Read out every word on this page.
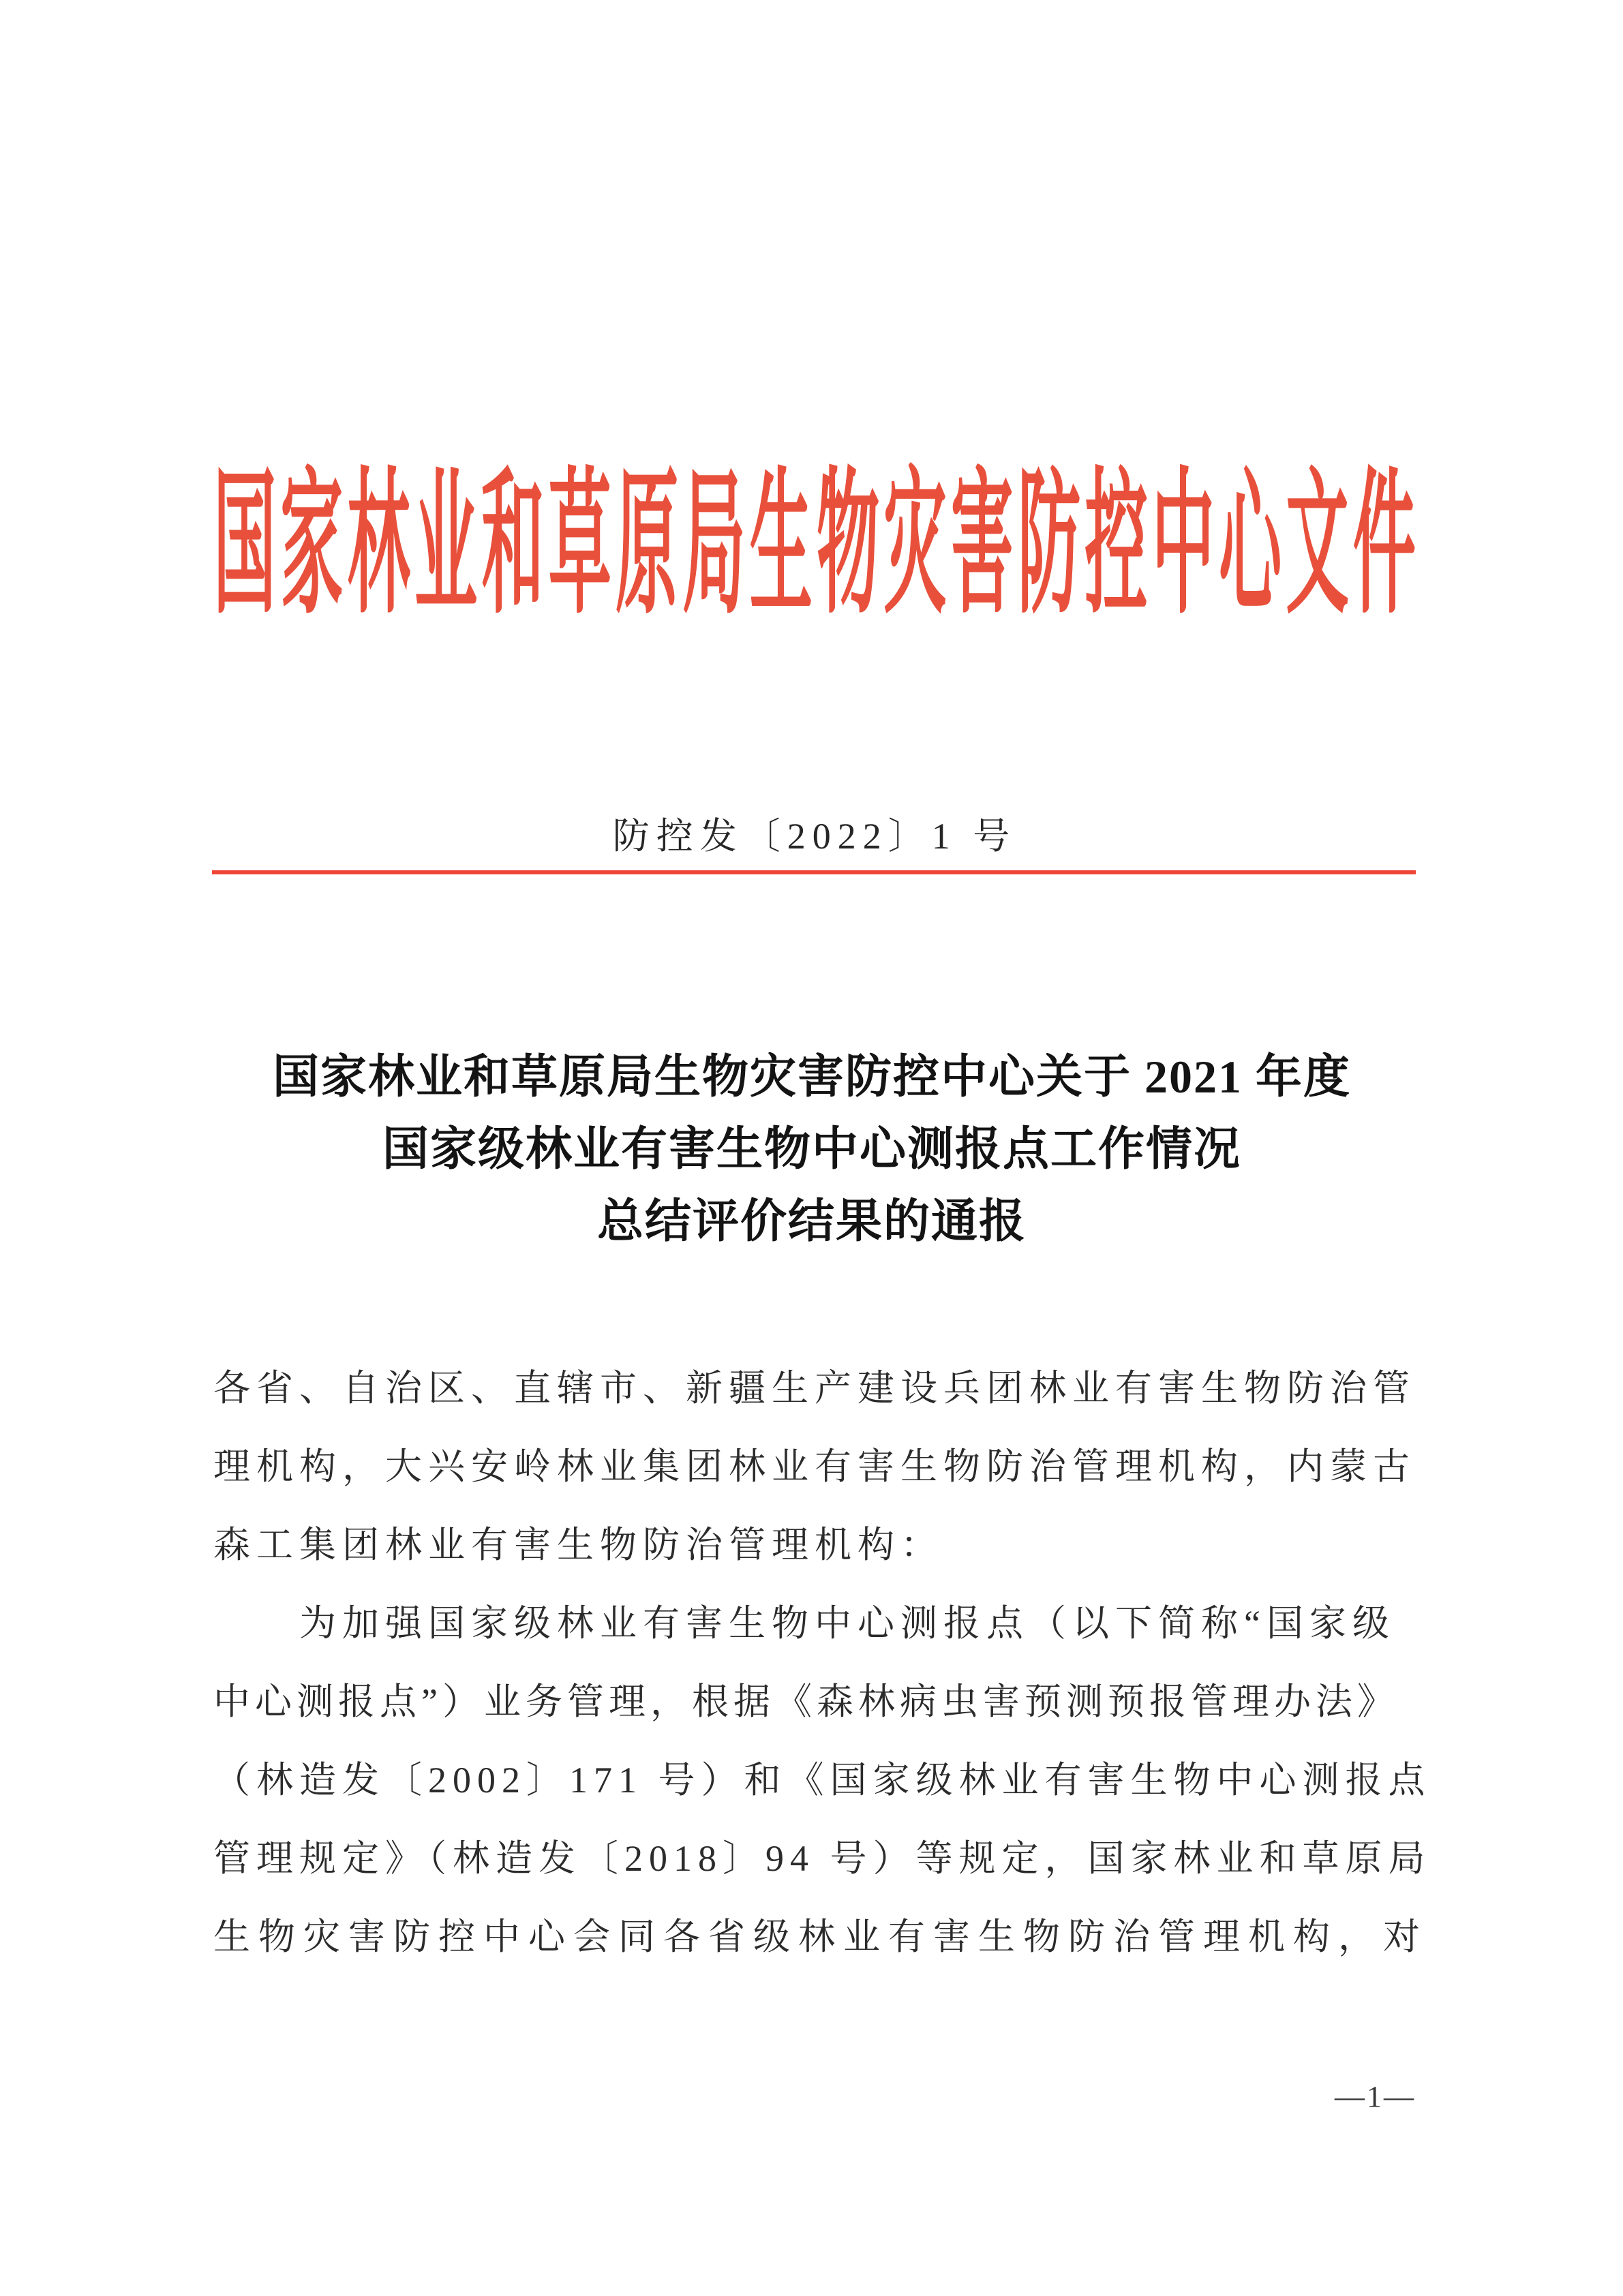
国 家 林 业 和 草 原 局 生 物 灾 害 防 控 中 心 文 件
防控发〔2022〕1 号
国家林业和草原局生物灾害防控中心关于 2021 年度
国家级林业有害生物中心测报点工作情况
总结评价结果的通报
各省、自治区、直辖市、新疆生产建设兵团林业有害生物防治管
理机构，大兴安岭林业集团林业有害生物防治管理机构，内蒙古
森工集团林业有害生物防治管理机构：
为加强国家级林业有害生物中心测报点（以下简称“国家级
中心测报点”）业务管理，根据《森林病虫害预测预报管理办法》
（林造发〔2002〕171 号）和《国家级林业有害生物中心测报点
管理规定》（林造发〔2018〕94 号）等规定，国家林业和草原局
生物灾害防控中心会同各省级林业有害生物防治管理机构，对
—1—
